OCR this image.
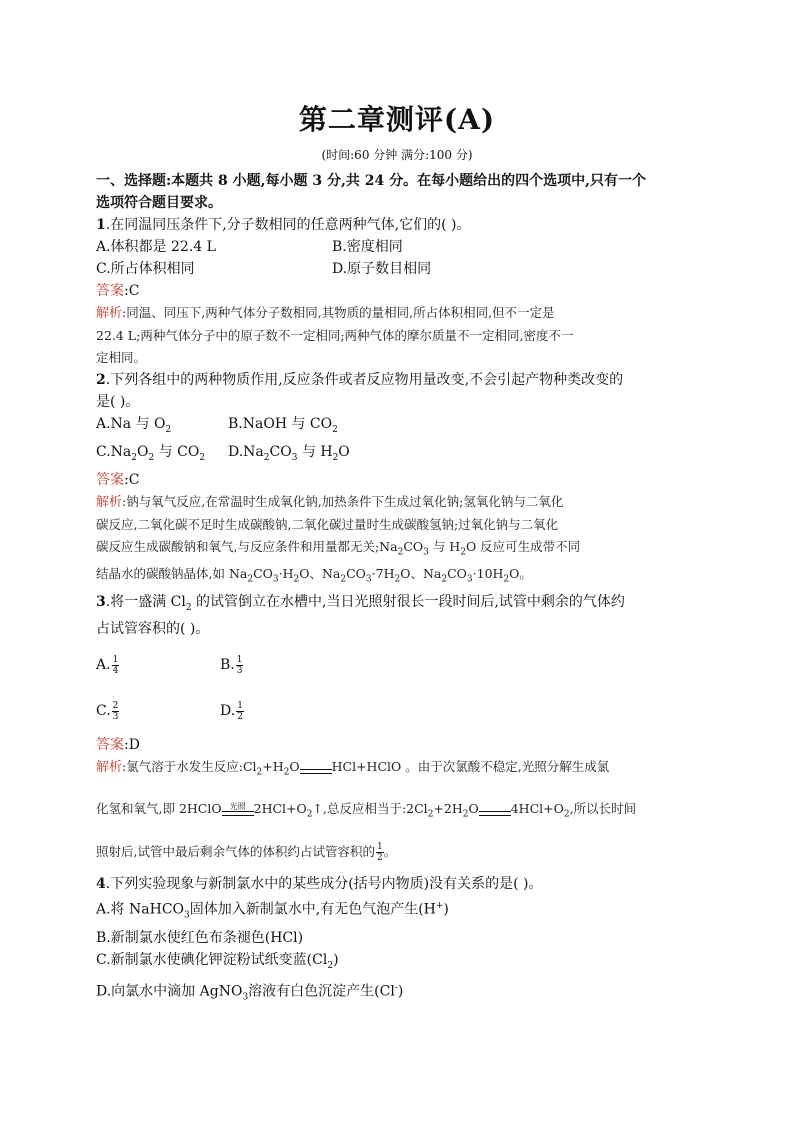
第二章测评(A)
(时间:60 分钟 满分:100 分)
一、选择题:本题共 8 小题,每小题 3 分,共 24 分。在每小题给出的四个选项中,只有一个
选项符合题目要求。
1.在同温同压条件下,分子数相同的任意两种气体,它们的( )。
A.体积都是 22.4 L	B.密度相同
C.所占体积相同	D.原子数目相同
答案:C
解析:同温、同压下,两种气体分子数相同,其物质的量相同,所占体积相同,但不一定是
22.4 L;两种气体分子中的原子数不一定相同;两种气体的摩尔质量不一定相同,密度不一
定相同。
2.下列各组中的两种物质作用,反应条件或者反应物用量改变,不会引起产物种类改变的
是( )。
A.Na 与 $O_2$	B.NaOH 与 $CO_2$
$C.Na_2O_2$ 与 $CO_2$	$D.Na_2CO_3$ 与 $H_2O$
答案:C
解析:钠与氧气反应,在常温时生成氧化钠,加热条件下生成过氧化钠;氢氧化钠与二氧化
碳反应,二氧化碳不足时生成碳酸钠,二氧化碳过量时生成碳酸氢钠;过氧化钠与二氧化
碳反应生成碳酸钠和氧气,与反应条件和用量都无关$;Na_2CO_3$ 与 $H_2O$ 反应可生成带不同
结晶水的碳酸钠晶体,如 $Na_2CO_3\cdot H_2O$、$Na_2CO_3\cdot 7H_2O$、$Na_2CO_3\cdot 10H_2O$。
3.将一盛满 $Cl_2$ 的试管倒立在水槽中,当日光照射很长一段时间后,试管中剩余的气体约
占试管容积的( )。
A. $\frac{1}{4}$	B. $\frac{1}{3}$
C. $\frac{2}{3}$	D. $\frac{1}{2}$
答案:D
解析:氯气溶于水发生反应$:Cl_2+H_2O$
	HCl+HClO 。由于次氯酸不稳定,光照分解生成氯
化氢和氧气,即 2HClO 光照 $2HCl+O_2↑$,总反应相当于$:2Cl_2+2H_2O$
	$4HCl+O_2$,所以长时间
照射后,试管中最后剩余气体的体积约占试管容积的 $\frac{1}{2}$ 。
4.下列实验现象与新制氯水中的某些成分(括号内物质)没有关系的是( )。
A.将 NaHCO$_3$固体加入新制氯水中,有无色气泡产生(H+)
B.新制氯水使红色布条褪色(HCl)
C.新制氯水使碘化钾淀粉试纸变蓝$(Cl_2)$
D.向氯水中滴加 AgNO$_3$溶液有白色沉淀产生(Cl-)
